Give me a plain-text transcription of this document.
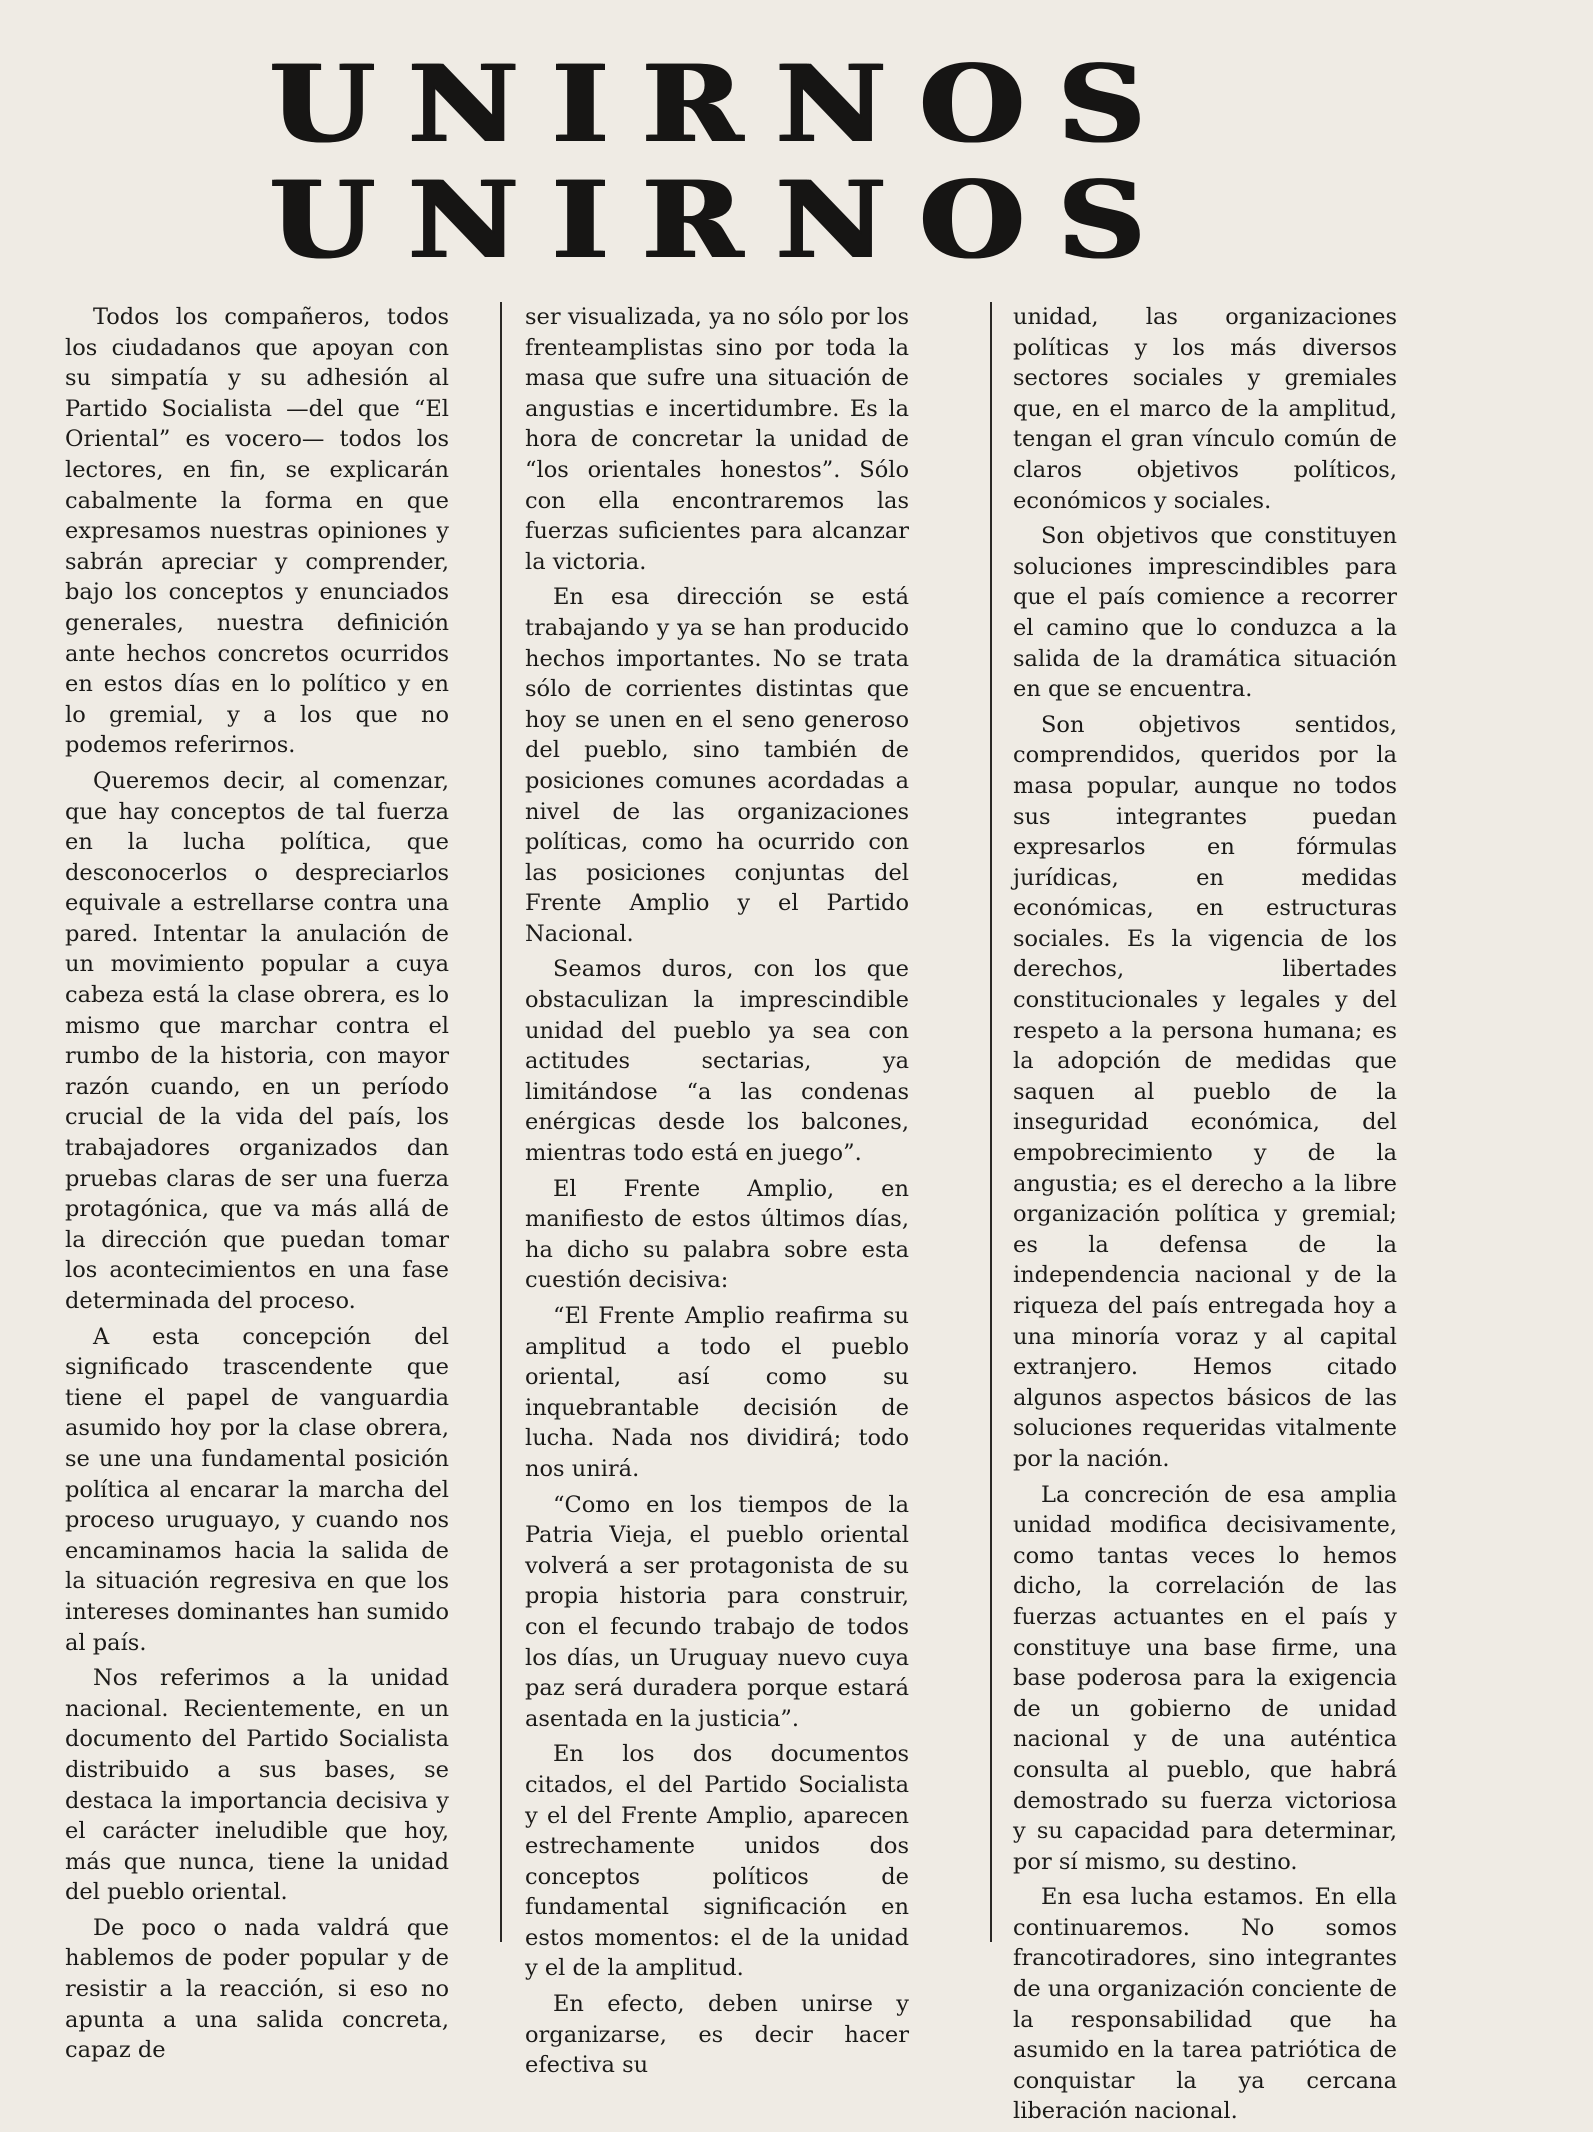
UNIRNOS
UNIRNOS

Todos los compañeros, todos los ciudadanos que apoyan con su simpatía y su adhesión al Partido Socialista —del que “El Oriental” es vocero— todos los lectores, en fin, se explicarán cabalmente la forma en que expresamos nuestras opiniones y sabrán apreciar y comprender, bajo los conceptos y enunciados generales, nuestra definición ante hechos concretos ocurridos en estos días en lo político y en lo gremial, y a los que no podemos referirnos.

Queremos decir, al comenzar, que hay conceptos de tal fuerza en la lucha política, que desconocerlos o despreciarlos equivale a estrellarse contra una pared. Intentar la anulación de un movimiento popular a cuya cabeza está la clase obrera, es lo mismo que marchar contra el rumbo de la historia, con mayor razón cuando, en un período crucial de la vida del país, los trabajadores organizados dan pruebas claras de ser una fuerza protagónica, que va más allá de la dirección que puedan tomar los acontecimientos en una fase determinada del proceso.

A esta concepción del significado trascendente que tiene el papel de vanguardia asumido hoy por la clase obrera, se une una fundamental posición política al encarar la marcha del proceso uruguayo, y cuando nos encaminamos hacia la salida de la situación regresiva en que los intereses dominantes han sumido al país.

Nos referimos a la unidad nacional. Recientemente, en un documento del Partido Socialista distribuido a sus bases, se destaca la importancia decisiva y el carácter ineludible que hoy, más que nunca, tiene la unidad del pueblo oriental.

De poco o nada valdrá que hablemos de poder popular y de resistir a la reacción, si eso no apunta a una salida concreta, capaz de

ser visualizada, ya no sólo por los frenteamplistas sino por toda la masa que sufre una situación de angustias e incertidumbre. Es la hora de concretar la unidad de “los orientales honestos”. Sólo con ella encontraremos las fuerzas suficientes para alcanzar la victoria.

En esa dirección se está trabajando y ya se han producido hechos importantes. No se trata sólo de corrientes distintas que hoy se unen en el seno generoso del pueblo, sino también de posiciones comunes acordadas a nivel de las organizaciones políticas, como ha ocurrido con las posiciones conjuntas del Frente Amplio y el Partido Nacional.

Seamos duros, con los que obstaculizan la imprescindible unidad del pueblo ya sea con actitudes sectarias, ya limitándose “a las condenas enérgicas desde los balcones, mientras todo está en juego”.

El Frente Amplio, en manifiesto de estos últimos días, ha dicho su palabra sobre esta cuestión decisiva:

“El Frente Amplio reafirma su amplitud a todo el pueblo oriental, así como su inquebrantable decisión de lucha. Nada nos dividirá; todo nos unirá.

“Como en los tiempos de la Patria Vieja, el pueblo oriental volverá a ser protagonista de su propia historia para construir, con el fecundo trabajo de todos los días, un Uruguay nuevo cuya paz será duradera porque estará asentada en la justicia”.

En los dos documentos citados, el del Partido Socialista y el del Frente Amplio, aparecen estrechamente unidos dos conceptos políticos de fundamental significación en estos momentos: el de la unidad y el de la amplitud.

En efecto, deben unirse y organizarse, es decir hacer efectiva su

unidad, las organizaciones políticas y los más diversos sectores sociales y gremiales que, en el marco de la amplitud, tengan el gran vínculo común de claros objetivos políticos, económicos y sociales.

Son objetivos que constituyen soluciones imprescindibles para que el país comience a recorrer el camino que lo conduzca a la salida de la dramática situación en que se encuentra.

Son objetivos sentidos, comprendidos, queridos por la masa popular, aunque no todos sus integrantes puedan expresarlos en fórmulas jurídicas, en medidas económicas, en estructuras sociales. Es la vigencia de los derechos, libertades constitucionales y legales y del respeto a la persona humana; es la adopción de medidas que saquen al pueblo de la inseguridad económica, del empobrecimiento y de la angustia; es el derecho a la libre organización política y gremial; es la defensa de la independencia nacional y de la riqueza del país entregada hoy a una minoría voraz y al capital extranjero. Hemos citado algunos aspectos básicos de las soluciones requeridas vitalmente por la nación.

La concreción de esa amplia unidad modifica decisivamente, como tantas veces lo hemos dicho, la correlación de las fuerzas actuantes en el país y constituye una base firme, una base poderosa para la exigencia de un gobierno de unidad nacional y de una auténtica consulta al pueblo, que habrá demostrado su fuerza victoriosa y su capacidad para determinar, por sí mismo, su destino.

En esa lucha estamos. En ella continuaremos. No somos francotiradores, sino integrantes de una organización conciente de la responsabilidad que ha asumido en la tarea patriótica de conquistar la ya cercana liberación nacional.
